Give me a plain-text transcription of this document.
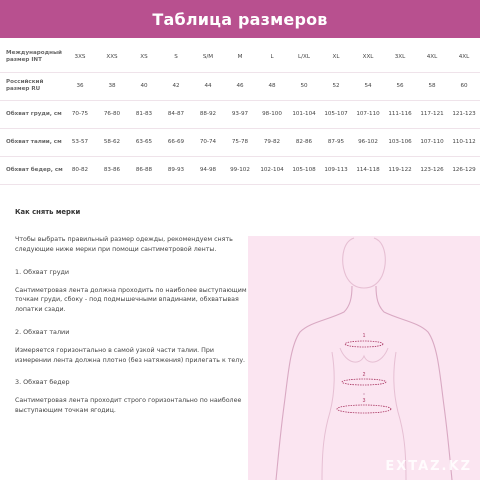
Таблица размеров
Международный размер INT	3XS	XXS	XS	S	S/M	M	L	L/XL	XL	XXL	3XL	4XL	4XL
Российский размер RU	36	38	40	42	44	46	48	50	52	54	56	58	60
Обхват груди, см	70-75	76-80	81-83	84-87	88-92	93-97	98-100	101-104	105-107	107-110	111-116	117-121	121-123
Обхват талии, см	53-57	58-62	63-65	66-69	70-74	75-78	79-82	82-86	87-95	96-102	103-106	107-110	110-112
Обхват бедер, см	80-82	83-86	86-88	89-93	94-98	99-102	102-104	105-108	109-113	114-118	119-122	123-126	126-129
Как снять мерки
Чтобы выбрать правильный размер одежды, рекомендуем снять следующие ниже мерки при помощи сантиметровой ленты.
1. Обхват груди
Сантиметровая лента должна проходить по наиболее выступающим точкам груди, сбоку - под подмышечными впадинами, обхватывая лопатки сзади.
2. Обхват талии
Измеряется горизонтально в самой узкой части талии. При измерении лента должна плотно (без натяжения) прилегать к телу.
3. Обхват бедер
Сантиметровая лента проходит строго горизонтально по наиболее выступающим точкам ягодиц.
1
2
3
EXTAZ.KZ
